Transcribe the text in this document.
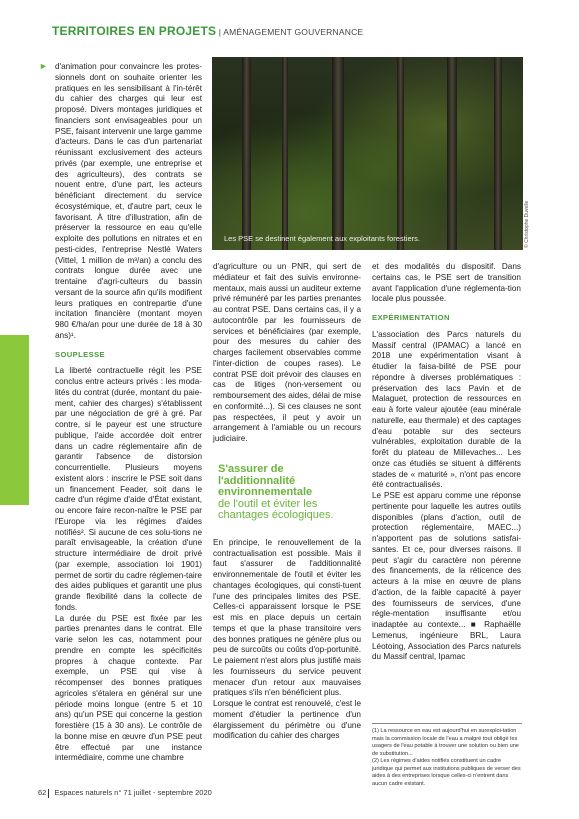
TERRITOIRES EN PROJETS | AMÉNAGEMENT GOUVERNANCE
► d'animation pour convaincre les protes-sionnels dont on souhaite orienter les pratiques en les sensibilisant à l'in-térêt du cahier des charges qui leur est proposé. Divers montages juridiques et financiers sont envisageables pour un PSE, faisant intervenir une large gamme d'acteurs. Dans le cas d'un partenariat réunissant exclusivement des acteurs privés (par exemple, une entreprise et des agriculteurs), des contrats se nouent entre, d'une part, les acteurs bénéficiant directement du service écosystémique, et, d'autre part, ceux le favorisant. À titre d'illustration, afin de préserver la ressource en eau qu'elle exploite des pollutions en nitrates et en pesti-cides, l'entreprise Nestlé Waters (Vittel, 1 million de m³/an) a conclu des contrats longue durée avec une trentaine d'agri-culteurs du bassin versant de la source afin qu'ils modifient leurs pratiques en contrepartie d'une incitation financière (montant moyen 980 €/ha/an pour une durée de 18 à 30 ans)¹.

SOUPLESSE

La liberté contractuelle régit les PSE conclus entre acteurs privés : les moda-lités du contrat (durée, montant du paie-ment, cahier des charges) s'établissent par une négociation de gré à gré. Par contre, si le payeur est une structure publique, l'aide accordée doit entrer dans un cadre réglementaire afin de garantir l'absence de distorsion concurrentielle. Plusieurs moyens existent alors : inscrire le PSE soit dans un financement Feader, soit dans le cadre d'un régime d'aide d'État existant, ou encore faire recon-naître le PSE par l'Europe via les régimes d'aides notifiés². Si aucune de ces solu-tions ne paraît envisageable, la création d'une structure intermédiaire de droit privé (par exemple, association loi 1901) permet de sortir du cadre réglemen-taire des aides publiques et garantit une plus grande flexibilité dans la collecte de fonds.

La durée du PSE est fixée par les parties prenantes dans le contrat. Elle varie selon les cas, notamment pour prendre en compte les spécificités propres à chaque contexte. Par exemple, un PSE qui vise à récompenser des bonnes pratiques agricoles s'étalera en général sur une période moins longue (entre 5 et 10 ans) qu'un PSE qui concerne la gestion forestière (15 à 30 ans). Le contrôle de la bonne mise en œuvre d'un PSE peut être effectué par une instance intermédiaire, comme une chambre

Les PSE se destinent également aux exploitants forestiers.	© Christophe Duvelle

d'agriculture ou un PNR, qui sert de médiateur et fait des suivis environne-mentaux, mais aussi un auditeur externe privé rémunéré par les parties prenantes au contrat PSE. Dans certains cas, il y a autocontrôle par les fournisseurs de services et bénéficiaires (par exemple, pour des mesures du cahier des charges facilement observables comme l'inter-diction de coupes rases). Le contrat PSE doit prévoir des clauses en cas de litiges (non-versement ou remboursement des aides, délai de mise en conformité...). Si ces clauses ne sont pas respectées, il peut y avoir un arrangement à l'amiable ou un recours judiciaire.

En principe, le renouvellement de la contractualisation est possible. Mais il faut s'assurer de l'additionnalité environnementale de l'outil et éviter les chantages écologiques, qui consti-tuent l'une des principales limites des PSE. Celles-ci apparaissent lorsque le PSE est mis en place depuis un certain temps et que la phase transitoire vers des bonnes pratiques ne génère plus ou peu de surcoûts ou coûts d'op-portunité. Le paiement n'est alors plus justifié mais les fournisseurs du service peuvent menacer d'un retour aux mauvaises pratiques s'ils n'en bénéficient plus.

Lorsque le contrat est renouvelé, c'est le moment d'étudier la pertinence d'un élargissement du périmètre ou d'une modification du cahier des charges

S'assurer de l'additionnalité environnementale
de l'outil et éviter les chantages écologiques.

et des modalités du dispositif. Dans certains cas, le PSE sert de transition avant l'application d'une réglementa-tion locale plus poussée.

EXPÉRIMENTATION

L'association des Parcs naturels du Massif central (IPAMAC) a lancé en 2018 une expérimentation visant à étudier la faisa-bilité de PSE pour répondre à diverses problématiques : préservation des lacs Pavin et de Malaguet, protection de ressources en eau à forte valeur ajoutée (eau minérale naturelle, eau thermale) et des captages d'eau potable sur des secteurs vulnérables, exploitation durable de la forêt du plateau de Millevaches... Les onze cas étudiés se situent à différents stades de « maturité », n'ont pas encore été contractualisés.

Le PSE est apparu comme une réponse pertinente pour laquelle les autres outils disponibles (plans d'action, outil de protection réglementaire, MAEC...) n'apportent pas de solutions satisfai-santes. Et ce, pour diverses raisons. Il peut s'agir du caractère non pérenne des financements, de la réticence des acteurs à la mise en œuvre de plans d'action, de la faible capacité à payer des fournisseurs de services, d'une régle-mentation insuffisante et/ou inadaptée au contexte... ■ Raphaëlle Lemenus, ingénieure BRL, Laura Léotoing, Association des Parcs naturels du Massif central, Ipamac

(1) La ressource en eau est aujourd'hui en surexploi-tation mais la commission locale de l'eau a malgré tout obligé les usagers de l'eau potable à trouver une solution ou bien une de substitution...
(2) Les régimes d'aides notifiés constituent un cadre juridique qui permet aux institutions publiques de verser des aides à des entreprises lorsque celles-ci n'entrent dans aucun cadre existant.
62 Espaces naturels n° 71 juillet - septembre 2020
